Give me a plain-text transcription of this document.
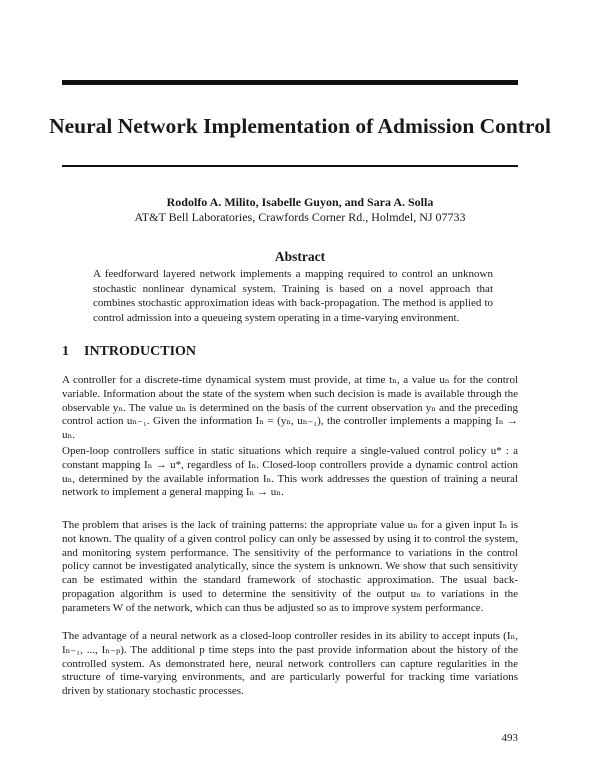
Neural Network Implementation of Admission Control
Rodolfo A. Milito, Isabelle Guyon, and Sara A. Solla
AT&T Bell Laboratories, Crawfords Corner Rd., Holmdel, NJ 07733
Abstract
A feedforward layered network implements a mapping required to control an unknown stochastic nonlinear dynamical system. Training is based on a novel approach that combines stochastic approximation ideas with back-propagation. The method is applied to control admission into a queueing system operating in a time-varying environment.
1 INTRODUCTION
A controller for a discrete-time dynamical system must provide, at time tₙ, a value uₙ for the control variable. Information about the state of the system when such decision is made is available through the observable yₙ. The value uₙ is determined on the basis of the current observation yₙ and the preceding control action uₙ₋₁. Given the information Iₙ = (yₙ, uₙ₋₁), the controller implements a mapping Iₙ → uₙ.
Open-loop controllers suffice in static situations which require a single-valued control policy u* : a constant mapping Iₙ → u*, regardless of Iₙ. Closed-loop controllers provide a dynamic control action uₙ, determined by the available information Iₙ. This work addresses the question of training a neural network to implement a general mapping Iₙ → uₙ.
The problem that arises is the lack of training patterns: the appropriate value uₙ for a given input Iₙ is not known. The quality of a given control policy can only be assessed by using it to control the system, and monitoring system performance. The sensitivity of the performance to variations in the control policy cannot be investigated analytically, since the system is unknown. We show that such sensitivity can be estimated within the standard framework of stochastic approximation. The usual back-propagation algorithm is used to determine the sensitivity of the output uₙ to variations in the parameters W of the network, which can thus be adjusted so as to improve system performance.
The advantage of a neural network as a closed-loop controller resides in its ability to accept inputs (Iₙ, Iₙ₋₁, ..., Iₙ₋ₚ). The additional p time steps into the past provide information about the history of the controlled system. As demonstrated here, neural network controllers can capture regularities in the structure of time-varying environments, and are particularly powerful for tracking time variations driven by stationary stochastic processes.
493
